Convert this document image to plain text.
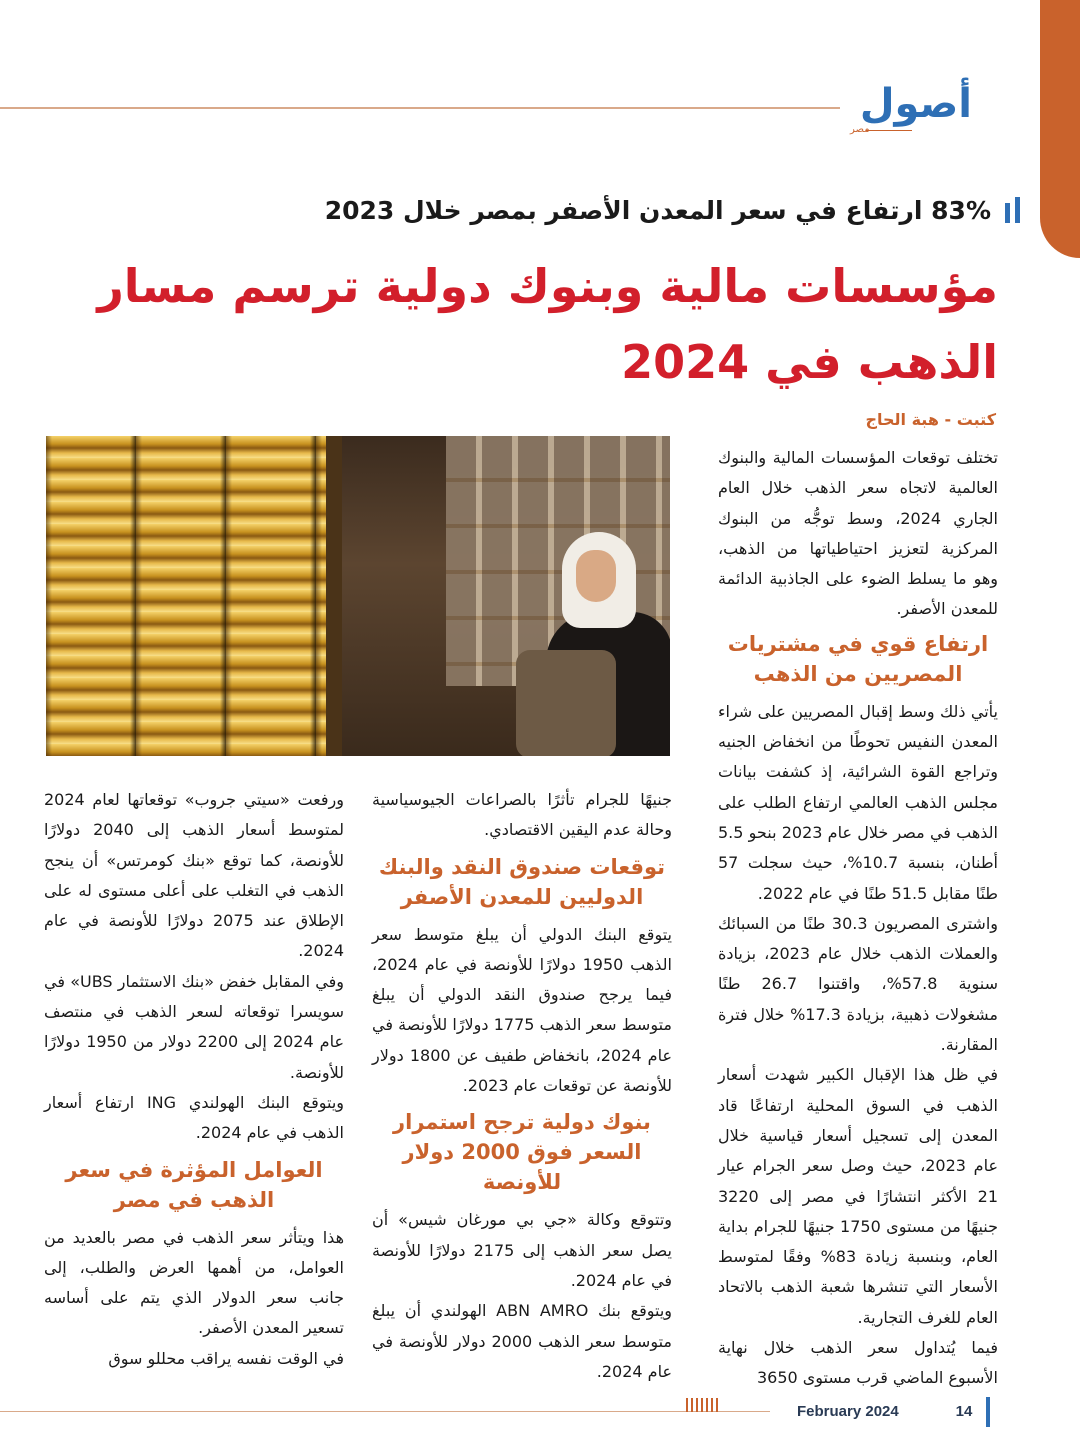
أصول
مصر
83% ارتفاع في سعر المعدن الأصفر بمصر خلال 2023
مؤسسات مالية وبنوك دولية ترسم مسار الذهب في 2024
كتبت - هبة الحاج

تختلف توقعات المؤسسات المالية والبنوك العالمية لاتجاه سعر الذهب خلال العام الجاري 2024، وسط توجُّه من البنوك المركزية لتعزيز احتياطياتها من الذهب، وهو ما يسلط الضوء على الجاذبية الدائمة للمعدن الأصفر.

ارتفاع قوي في مشتريات المصريين من الذهب

يأتي ذلك وسط إقبال المصريين على شراء المعدن النفيس تحوطًا من انخفاض الجنيه وتراجع القوة الشرائية، إذ كشفت بيانات مجلس الذهب العالمي ارتفاع الطلب على الذهب في مصر خلال عام 2023 بنحو 5.5 أطنان، بنسبة 10.7%، حيث سجلت 57 طنًا مقابل 51.5 طنًا في عام 2022.

واشترى المصريون 30.3 طنًا من السبائك والعملات الذهب خلال عام 2023، بزيادة سنوية 57.8%، واقتنوا 26.7 طنًا مشغولات ذهبية، بزيادة 17.3% خلال فترة المقارنة.

في ظل هذا الإقبال الكبير شهدت أسعار الذهب في السوق المحلية ارتفاعًا قاد المعدن إلى تسجيل أسعار قياسية خلال عام 2023، حيث وصل سعر الجرام عيار 21 الأكثر انتشارًا في مصر إلى 3220 جنيهًا من مستوى 1750 جنيهًا للجرام بداية العام، وبنسبة زيادة 83% وفقًا لمتوسط الأسعار التي تنشرها شعبة الذهب بالاتحاد العام للغرف التجارية.

فيما يُتداول سعر الذهب خلال نهاية الأسبوع الماضي قرب مستوى 3650

جنيهًا للجرام تأثرًا بالصراعات الجيوسياسية وحالة عدم اليقين الاقتصادي.

توقعات صندوق النقد والبنك الدوليين للمعدن الأصفر

يتوقع البنك الدولي أن يبلغ متوسط سعر الذهب 1950 دولارًا للأونصة في عام 2024، فيما يرجح صندوق النقد الدولي أن يبلغ متوسط سعر الذهب 1775 دولارًا للأونصة في عام 2024، بانخفاض طفيف عن 1800 دولار للأونصة عن توقعات عام 2023.

بنوك دولية ترجح استمرار السعر فوق 2000 دولار للأونصة

وتتوقع وكالة «جي بي مورغان شيس» أن يصل سعر الذهب إلى 2175 دولارًا للأونصة في عام 2024.

ويتوقع بنك ABN AMRO الهولندي أن يبلغ متوسط سعر الذهب 2000 دولار للأونصة في عام 2024.

ورفعت «سيتي جروب» توقعاتها لعام 2024 لمتوسط أسعار الذهب إلى 2040 دولارًا للأونصة، كما توقع «بنك كومرتس» أن ينجح الذهب في التغلب على أعلى مستوى له على الإطلاق عند 2075 دولارًا للأونصة في عام 2024.

وفي المقابل خفض «بنك الاستثمار UBS» في سويسرا توقعاته لسعر الذهب في منتصف عام 2024 إلى 2200 دولار من 1950 دولارًا للأونصة.

ويتوقع البنك الهولندي ING ارتفاع أسعار الذهب في عام 2024.

العوامل المؤثرة في سعر الذهب في مصر

هذا ويتأثر سعر الذهب في مصر بالعديد من العوامل، من أهمها العرض والطلب، إلى جانب سعر الدولار الذي يتم على أساسه تسعير المعدن الأصفر.

في الوقت نفسه يراقب محللو سوق

February 2024	14
